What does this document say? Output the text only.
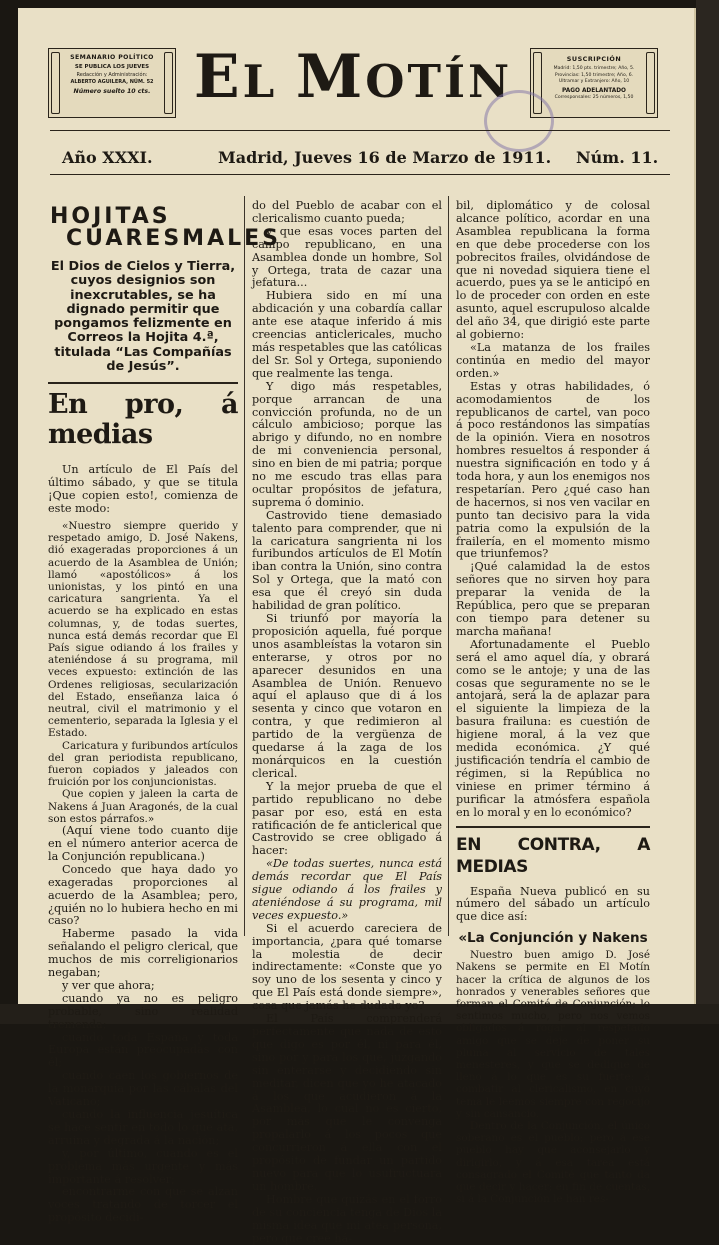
SEMANARIO POLÍTICO
SE PUBLICA LOS JUEVES
Redacción y Administración:
ALBERTO AGUILERA, NÚM. 52
Número suelto 10 cts. EL MOTÍN	SUSCRIPCIÓN
Madrid: 1,50 pts. trimestre; Año, 5. Provincias: 1,50 trimestre; Año, 6. Ultramar y Extranjero: Año, 10
PAGO ADELANTADO
Corresponsales: 25 números, 1,50
Año XXXI.	Madrid, Jueves 16 de Marzo de 1911. Núm. 11.
HOJITAS
CUARESMALES
El Dios de Cielos y Tierra, cuyos designios son inexcrutables, se ha dignado permitir que pongamos felizmente en Correos la Hojita 4.ª, titulada “Las Compañías de Jesús”.
En pro, á medias

Un artículo de El País del último sábado, y que se titula ¡Que copien esto!, comienza de este modo:

«Nuestro siempre querido y respetado amigo, D. José Nakens, dió exageradas proporciones á un acuerdo de la Asamblea de Unión; llamó «apostólicos» á los unionistas, y los pintó en una caricatura sangrienta. Ya el acuerdo se ha explicado en estas columnas, y, de todas suertes, nunca está demás recordar que El País sigue odiando á los frailes y ateniéndose á su programa, mil veces expuesto: extinción de las Ordenes religiosas, secularización del Estado, enseñanza laica ó neutral, civil el matrimonio y el cementerio, separada la Iglesia y el Estado.

Caricatura y furibundos artículos del gran periodista republicano, fueron copiados y jaleados con fruición por los conjuncionistas.

Que copien y jaleen la carta de Nakens á Juan Aragonés, de la cual son estos párrafos.»

(Aquí viene todo cuanto dije en el número anterior acerca de la Conjunción republicana.)

Concedo que haya dado yo exageradas proporciones al acuerdo de la Asamblea; pero, ¿quién no lo hubiera hecho en mi caso?

Haberme pasado la vida señalando el peligro clerical, que muchos de mis correligionarios negaban;

y ver que ahora;

cuando ya no es peligro probable, sino realidad tremenda;

cuando toda España y toda Europa están preocupadas con él;

cuando caen los gobiernos de la monarquía por las cábalas del Vaticano;

cuando la influencia jesuítica se hace sentir en todo lo que ata, arruina y degrada á la nación;

y, por último, cuando es el problema más urgente y más importante á resolver;

encontrarme con que se alzan voces tratando de torcer el propósito decidi-

do del Pueblo de acabar con el clericalismo cuanto pueda;

y que esas voces parten del campo republicano, en una Asamblea donde un hombre, Sol y Ortega, trata de cazar una jefatura...

Hubiera sido en mí una abdicación y una cobardía callar ante ese ataque inferido á mis creencias anticlericales, mucho más respetables que las católicas del Sr. Sol y Ortega, suponiendo que realmente las tenga.

Y digo más respetables, porque arrancan de una convicción profunda, no de un cálculo ambicioso; porque las abrigo y difundo, no en nombre de mi conveniencia personal, sino en bien de mi patria; porque no me escudo tras ellas para ocultar propósitos de jefatura, suprema ó dominio.

Castrovido tiene demasiado talento para comprender, que ni la caricatura sangrienta ni los furibundos artículos de El Motín iban contra la Unión, sino contra Sol y Ortega, que la mató con esa que él creyó sin duda habilidad de gran político.

Si triunfó por mayoría la proposición aquella, fué porque unos asambleístas la votaron sin enterarse, y otros por no aparecer desunidos en una Asamblea de Unión. Renuevo aquí el aplauso que di á los sesenta y cinco que votaron en contra, y que redimieron al partido de la vergüenza de quedarse á la zaga de los monárquicos en la cuestión clerical.

Y la mejor prueba de que el partido republicano no debe pasar por eso, está en esta ratificación de fe anticlerical que Castrovido se cree obligado á hacer:

«De todas suertes, nunca está demás recordar que El País sigue odiando á los frailes y ateniéndose á su programa, mil veces expuesto.»

Si el acuerdo careciera de importancia, ¿para qué tomarse la molestia de decir indirectamente: «Conste que yo soy uno de los sesenta y cinco y que El País está donde siempre», cosa que jamás he dudado yo?

El País comprenderá perfectamente que nada de esto que digo es por él, ni para él, sino por y para los que, juzgando sin enterarse y decidiendo sin meditar, dicen que yo he atacado á los que acudieron á la Asamblea, lo cual no es cierto, por más que le convenga propalarlo á los pocos que concurrieron á ella con el propósito de fundar un partido nuevo para que lo usufructuara un hombre.

Hombre que quizás en el forro de su conciencia tenga de Dios la misma idea que mi atea persona, pero que cree há-

bil, diplomático y de colosal alcance político, acordar en una Asamblea republicana la forma en que debe procederse con los pobrecitos frailes, olvidándose de que ni novedad siquiera tiene el acuerdo, pues ya se le anticipó en lo de proceder con orden en este asunto, aquel escrupuloso alcalde del año 34, que dirigió este parte al gobierno:

«La matanza de los frailes continúa en medio del mayor orden.»

Estas y otras habilidades, ó acomodamientos de los republicanos de cartel, van poco á poco restándonos las simpatías de la opinión. Viera en nosotros hombres resueltos á responder á nuestra significación en todo y á toda hora, y aun los enemigos nos respetarían. Pero ¿qué caso han de hacernos, si nos ven vacilar en punto tan decisivo para la vida patria como la expulsión de la frailería, en el momento mismo que triunfemos?

¡Qué calamidad la de estos señores que no sirven hoy para preparar la venida de la República, pero que se preparan con tiempo para detener su marcha mañana!

Afortunadamente el Pueblo será el amo aquel día, y obrará como se le antoje; y una de las cosas que seguramente no se le antojará, será la de aplazar para el siguiente la limpieza de la basura frailuna: es cuestión de higiene moral, á la vez que medida económica. ¿Y qué justificación tendría el cambio de régimen, si la República no viniese en primer término á purificar la atmósfera española en lo moral y en lo económico?

EN CONTRA, A MEDIAS

España Nueva publicó en su número del sábado un artículo que dice así:

«La Conjunción y Nakens

Nuestro buen amigo D. José Nakens se permite en El Motín hacer la crítica de algunos de los honrados y venerables señores que forman el Comité de Conjunción; lo sentimos mucho, pero nos vemos obligados á rogar al respetado amigo que se deje de poner su pluma al servicio de tales menesteres, y que se dedique de lleno á lo que es su fuerte: á combatir al clericalismo, en cuyo tema le leemos siempre con regocijo y sin cansancio.

Dentro de la Conjunción, el único soberano es el pueblo; pero á ese pueblo hay que aconsejarlo y dirigirlo, y á esa tarea está consagrado el Comité que tanto da que decir y hacer; en fin de cuentas, si á la Conjunción le han res-
